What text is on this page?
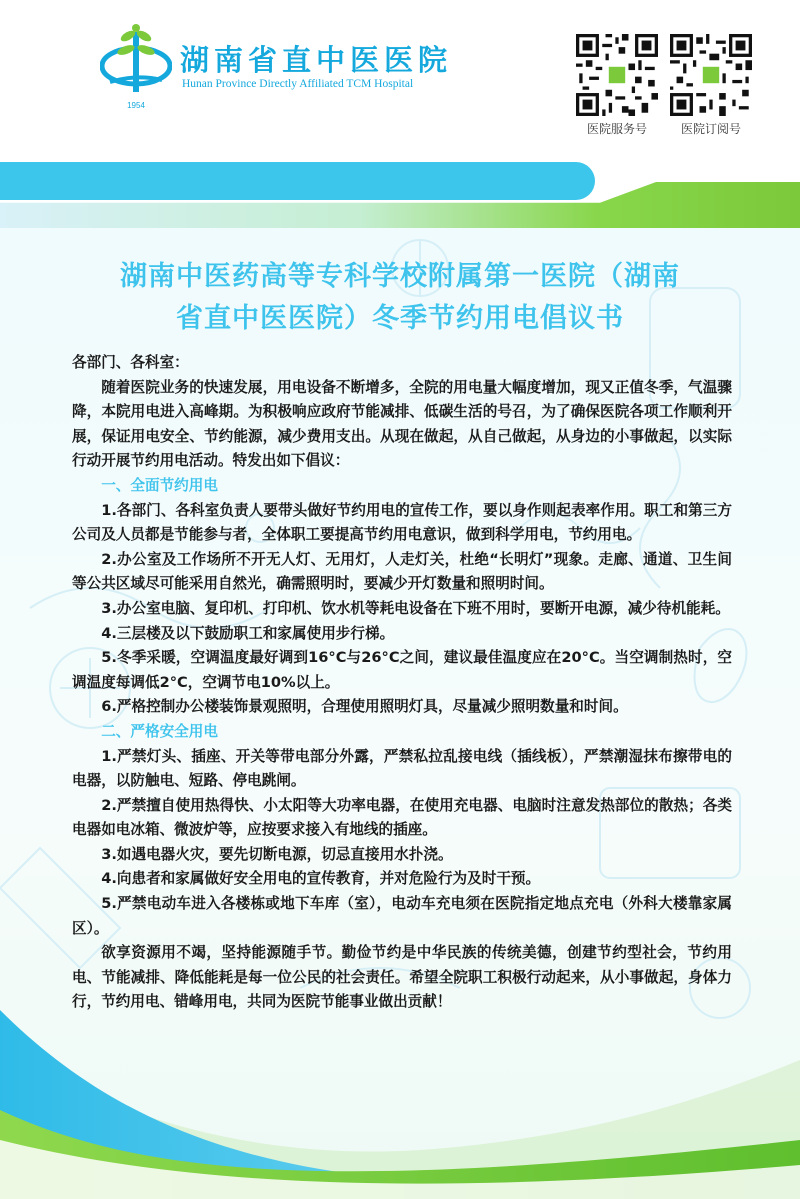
1954
湖南省直中医医院
Hunan Province Directly Affiliated TCM Hospital
医院服务号	医院订阅号
湖南中医药高等专科学校附属第一医院（湖南
省直中医医院）冬季节约用电倡议书

各部门、各科室：

随着医院业务的快速发展，用电设备不断增多，全院的用电量大幅度增加，现又正值冬季，气温骤降，本院用电进入高峰期。为积极响应政府节能减排、低碳生活的号召，为了确保医院各项工作顺利开展，保证用电安全、节约能源，减少费用支出。从现在做起，从自己做起，从身边的小事做起，以实际行动开展节约用电活动。特发出如下倡议：

一、全面节约用电

1.各部门、各科室负责人要带头做好节约用电的宣传工作，要以身作则起表率作用。职工和第三方公司及人员都是节能参与者，全体职工要提高节约用电意识，做到科学用电，节约用电。

2.办公室及工作场所不开无人灯、无用灯，人走灯关，杜绝“长明灯”现象。走廊、通道、卫生间等公共区域尽可能采用自然光，确需照明时，要减少开灯数量和照明时间。

3.办公室电脑、复印机、打印机、饮水机等耗电设备在下班不用时，要断开电源，减少待机能耗。

4.三层楼及以下鼓励职工和家属使用步行梯。

5.冬季采暖，空调温度最好调到16°C与26°C之间，建议最佳温度应在20°C。当空调制热时，空调温度每调低2°C，空调节电10%以上。

6.严格控制办公楼装饰景观照明，合理使用照明灯具，尽量减少照明数量和时间。

二、严格安全用电

1.严禁灯头、插座、开关等带电部分外露，严禁私拉乱接电线（插线板），严禁潮湿抹布擦带电的电器，以防触电、短路、停电跳闸。

2.严禁擅自使用热得快、小太阳等大功率电器，在使用充电器、电脑时注意发热部位的散热；各类电器如电冰箱、微波炉等，应按要求接入有地线的插座。

3.如遇电器火灾，要先切断电源，切忌直接用水扑浇。

4.向患者和家属做好安全用电的宣传教育，并对危险行为及时干预。

5.严禁电动车进入各楼栋或地下车库（室），电动车充电须在医院指定地点充电（外科大楼靠家属区）。

欲享资源用不竭，坚持能源随手节。勤俭节约是中华民族的传统美德，创建节约型社会，节约用电、节能减排、降低能耗是每一位公民的社会责任。希望全院职工积极行动起来，从小事做起，身体力行，节约用电、错峰用电，共同为医院节能事业做出贡献！
